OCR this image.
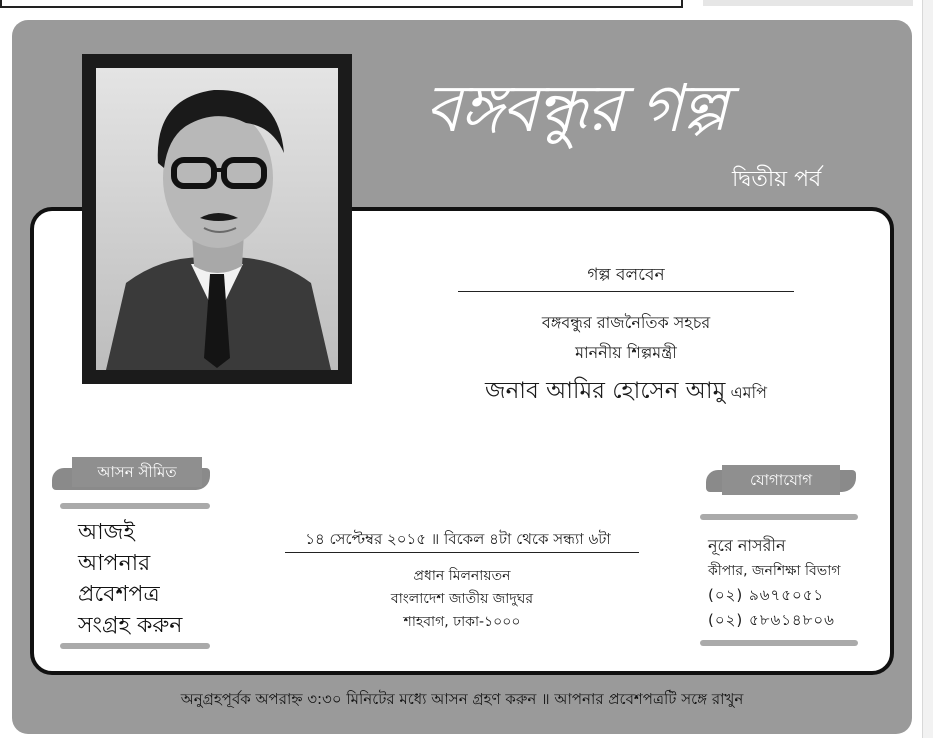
বঙ্গবন্ধুর গল্প
দ্বিতীয় পর্ব
গল্প বলবেন
বঙ্গবন্ধুর রাজনৈতিক সহচর
মাননীয় শিল্পমন্ত্রী
জনাব আমির হোসেন আমু এমপি
আসন সীমিত
আজই
আপনার
প্রবেশপত্র
সংগ্রহ করুন
১৪ সেপ্টেম্বর ২০১৫ ॥ বিকেল ৪টা থেকে সন্ধ্যা ৬টা
প্রধান মিলনায়তন
বাংলাদেশ জাতীয় জাদুঘর
শাহবাগ, ঢাকা-১০০০
যোগাযোগ
নূরে নাসরীন
কীপার, জনশিক্ষা বিভাগ
(০২) ৯৬৭৫০৫১
(০২) ৫৮৬১৪৮০৬
অনুগ্রহপূর্বক অপরাহ্ন ৩:৩০ মিনিটের মধ্যে আসন গ্রহণ করুন ॥ আপনার প্রবেশপত্রটি সঙ্গে রাখুন
